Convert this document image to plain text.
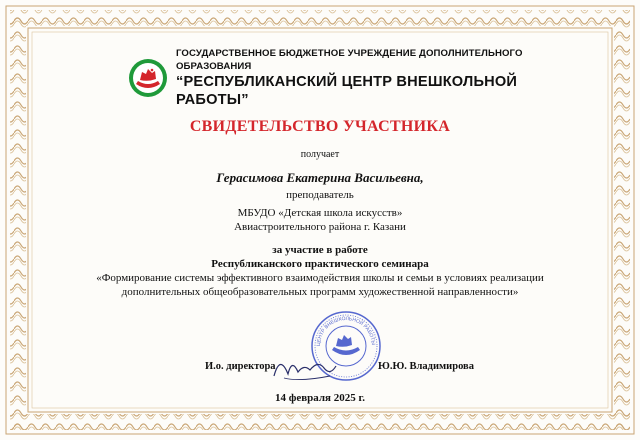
ГОСУДАРСТВЕННОЕ БЮДЖЕТНОЕ УЧРЕЖДЕНИЕ ДОПОЛНИТЕЛЬНОГО ОБРАЗОВАНИЯ
“РЕСПУБЛИКАНСКИЙ ЦЕНТР ВНЕШКОЛЬНОЙ РАБОТЫ”
СВИДЕТЕЛЬСТВО УЧАСТНИКА
получает
Герасимова Екатерина Васильевна,
преподаватель
МБУДО «Детская школа искусств»
Авиастроительного района г. Казани
за участие в работе
Республиканского практического семинара
«Формирование системы эффективного взаимодействия школы и семьи в условиях реализации
дополнительных общеобразовательных программ художественной направленности»
ЦЕНТР ВНЕШКОЛЬНОЙ РАБОТЫ
И.о. директора	Ю.Ю. Владимирова
14 февраля 2025 г.
